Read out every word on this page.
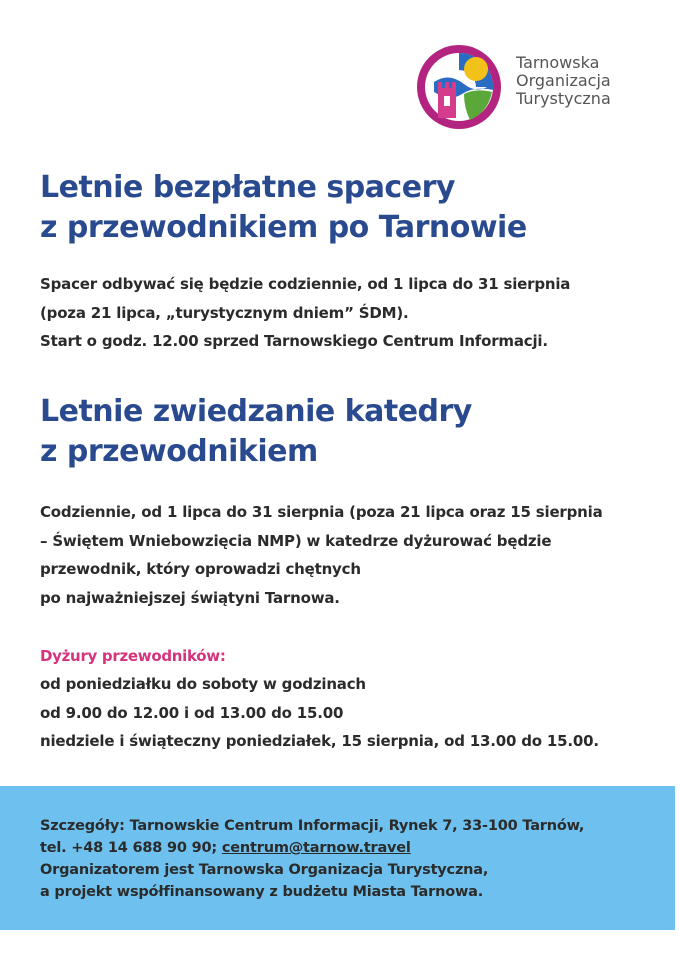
Tarnowska
Organizacja
Turystyczna
Letnie bezpłatne spacery
z przewodnikiem po Tarnowie
Spacer odbywać się będzie codziennie, od 1 lipca do 31 sierpnia
(poza 21 lipca, „turystycznym dniem” ŚDM).
Start o godz. 12.00 sprzed Tarnowskiego Centrum Informacji.
Letnie zwiedzanie katedry
z przewodnikiem
Codziennie, od 1 lipca do 31 sierpnia (poza 21 lipca oraz 15 sierpnia
– Świętem Wniebowzięcia NMP) w katedrze dyżurować będzie
przewodnik, który oprowadzi chętnych
po najważniejszej świątyni Tarnowa.
Dyżury przewodników:
od poniedziałku do soboty w godzinach
od 9.00 do 12.00 i od 13.00 do 15.00
niedziele i świąteczny poniedziałek, 15 sierpnia, od 13.00 do 15.00.
Szczegóły: Tarnowskie Centrum Informacji, Rynek 7, 33-100 Tarnów,
tel. +48 14 688 90 90; centrum@tarnow.travel
Organizatorem jest Tarnowska Organizacja Turystyczna,
a projekt współfinansowany z budżetu Miasta Tarnowa.
